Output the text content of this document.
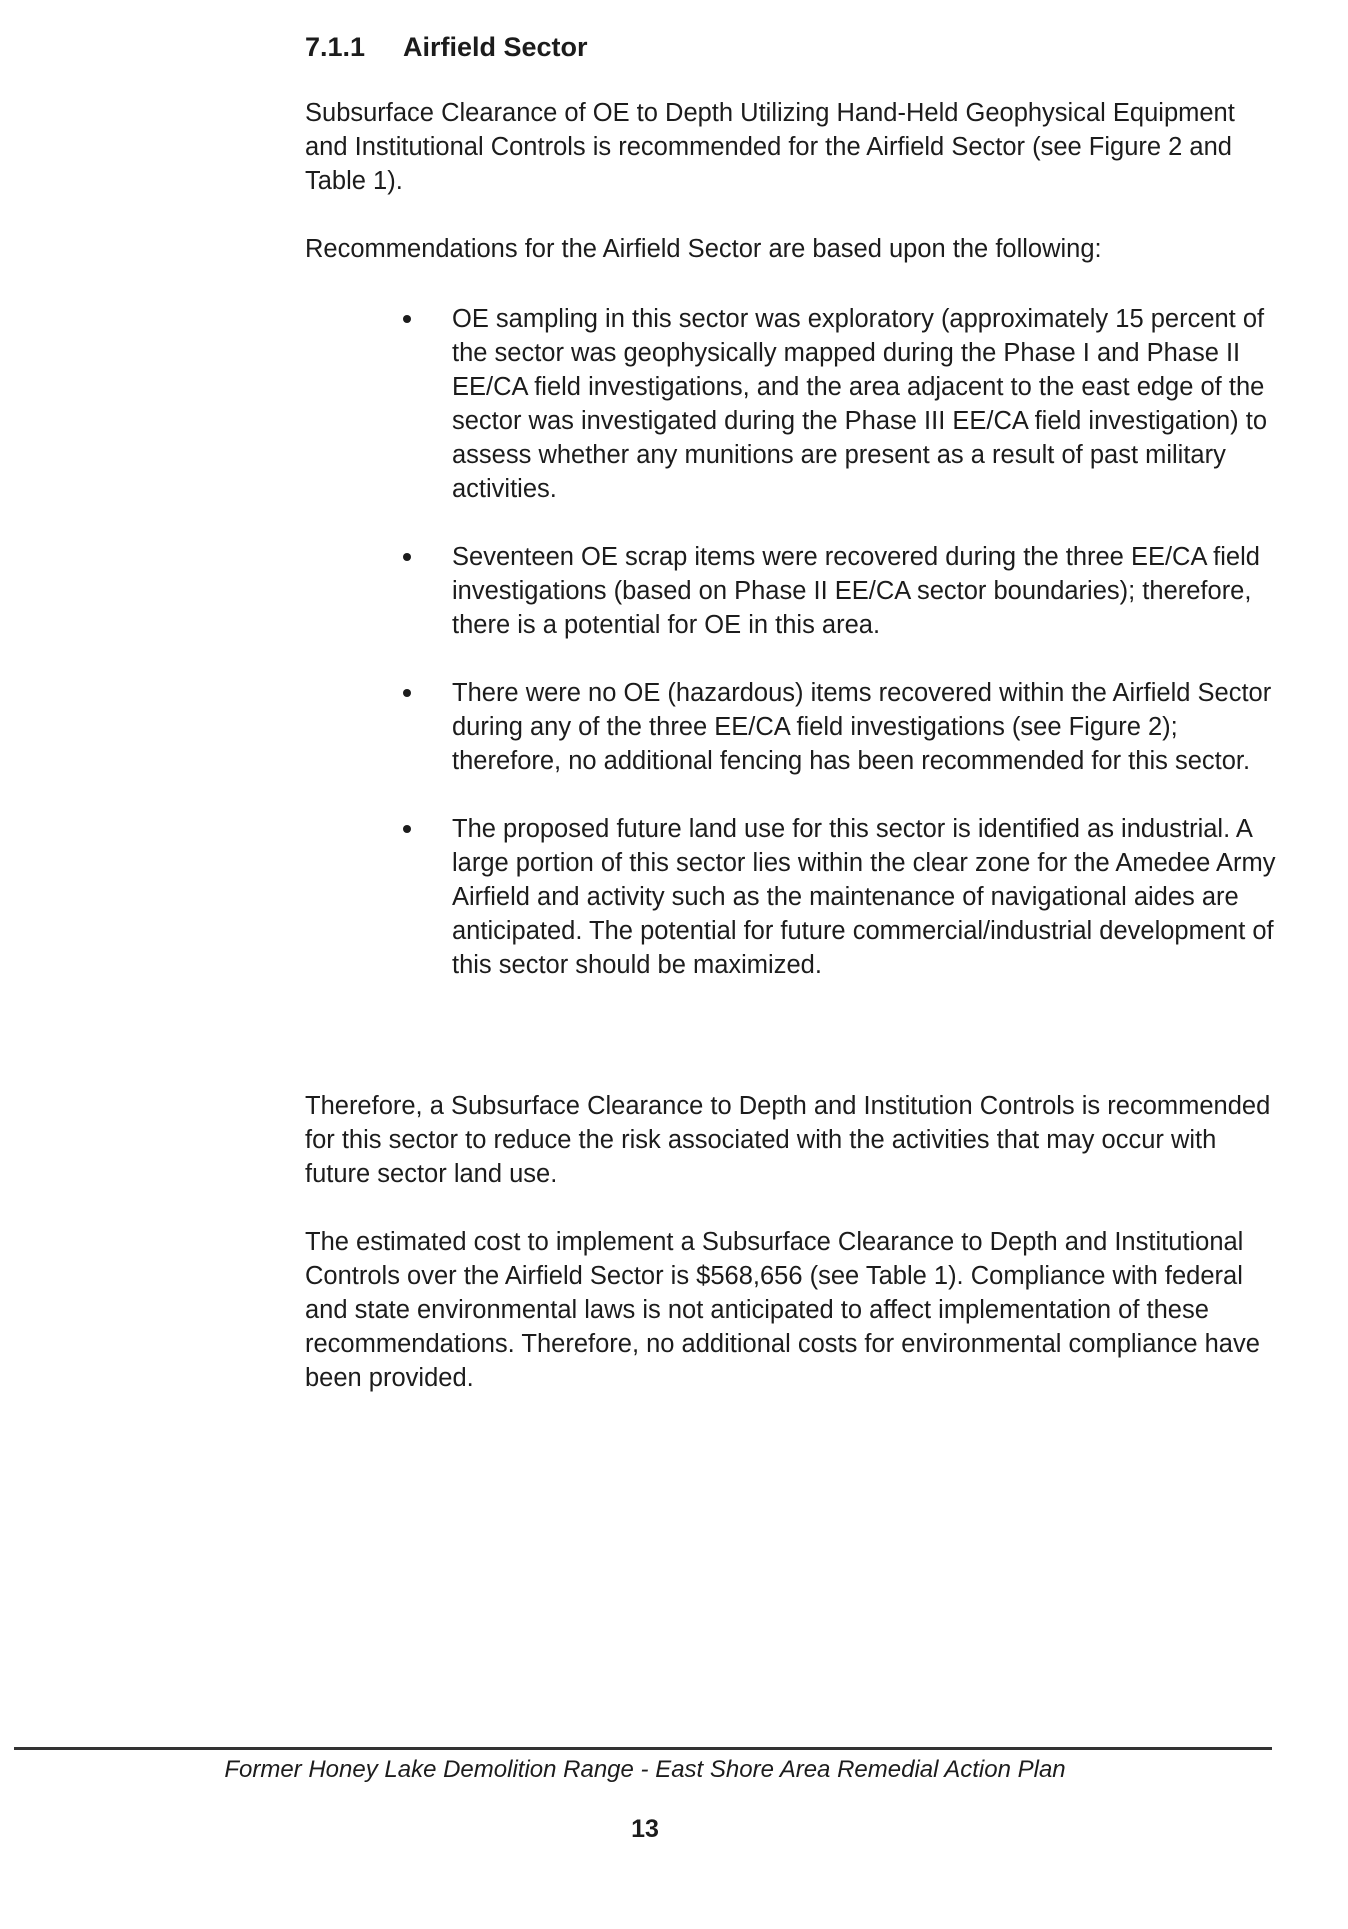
7.1.1 Airfield Sector

Subsurface Clearance of OE to Depth Utilizing Hand-Held Geophysical Equipment and Institutional Controls is recommended for the Airfield Sector (see Figure 2 and Table 1).

Recommendations for the Airfield Sector are based upon the following:

OE sampling in this sector was exploratory (approximately 15 percent of the sector was geophysically mapped during the Phase I and Phase II EE/CA field investigations, and the area adjacent to the east edge of the sector was investigated during the Phase III EE/CA field investigation) to assess whether any munitions are present as a result of past military activities.
Seventeen OE scrap items were recovered during the three EE/CA field investigations (based on Phase II EE/CA sector boundaries); therefore, there is a potential for OE in this area.
There were no OE (hazardous) items recovered within the Airfield Sector during any of the three EE/CA field investigations (see Figure 2); therefore, no additional fencing has been recommended for this sector.
The proposed future land use for this sector is identified as industrial. A large portion of this sector lies within the clear zone for the Amedee Army Airfield and activity such as the maintenance of navigational aides are anticipated. The potential for future commercial/industrial development of this sector should be maximized.

Therefore, a Subsurface Clearance to Depth and Institution Controls is recommended for this sector to reduce the risk associated with the activities that may occur with future sector land use.

The estimated cost to implement a Subsurface Clearance to Depth and Institutional Controls over the Airfield Sector is $568,656 (see Table 1). Compliance with federal and state environmental laws is not anticipated to affect implementation of these recommendations. Therefore, no additional costs for environmental compliance have been provided.

Former Honey Lake Demolition Range - East Shore Area Remedial Action Plan
13
